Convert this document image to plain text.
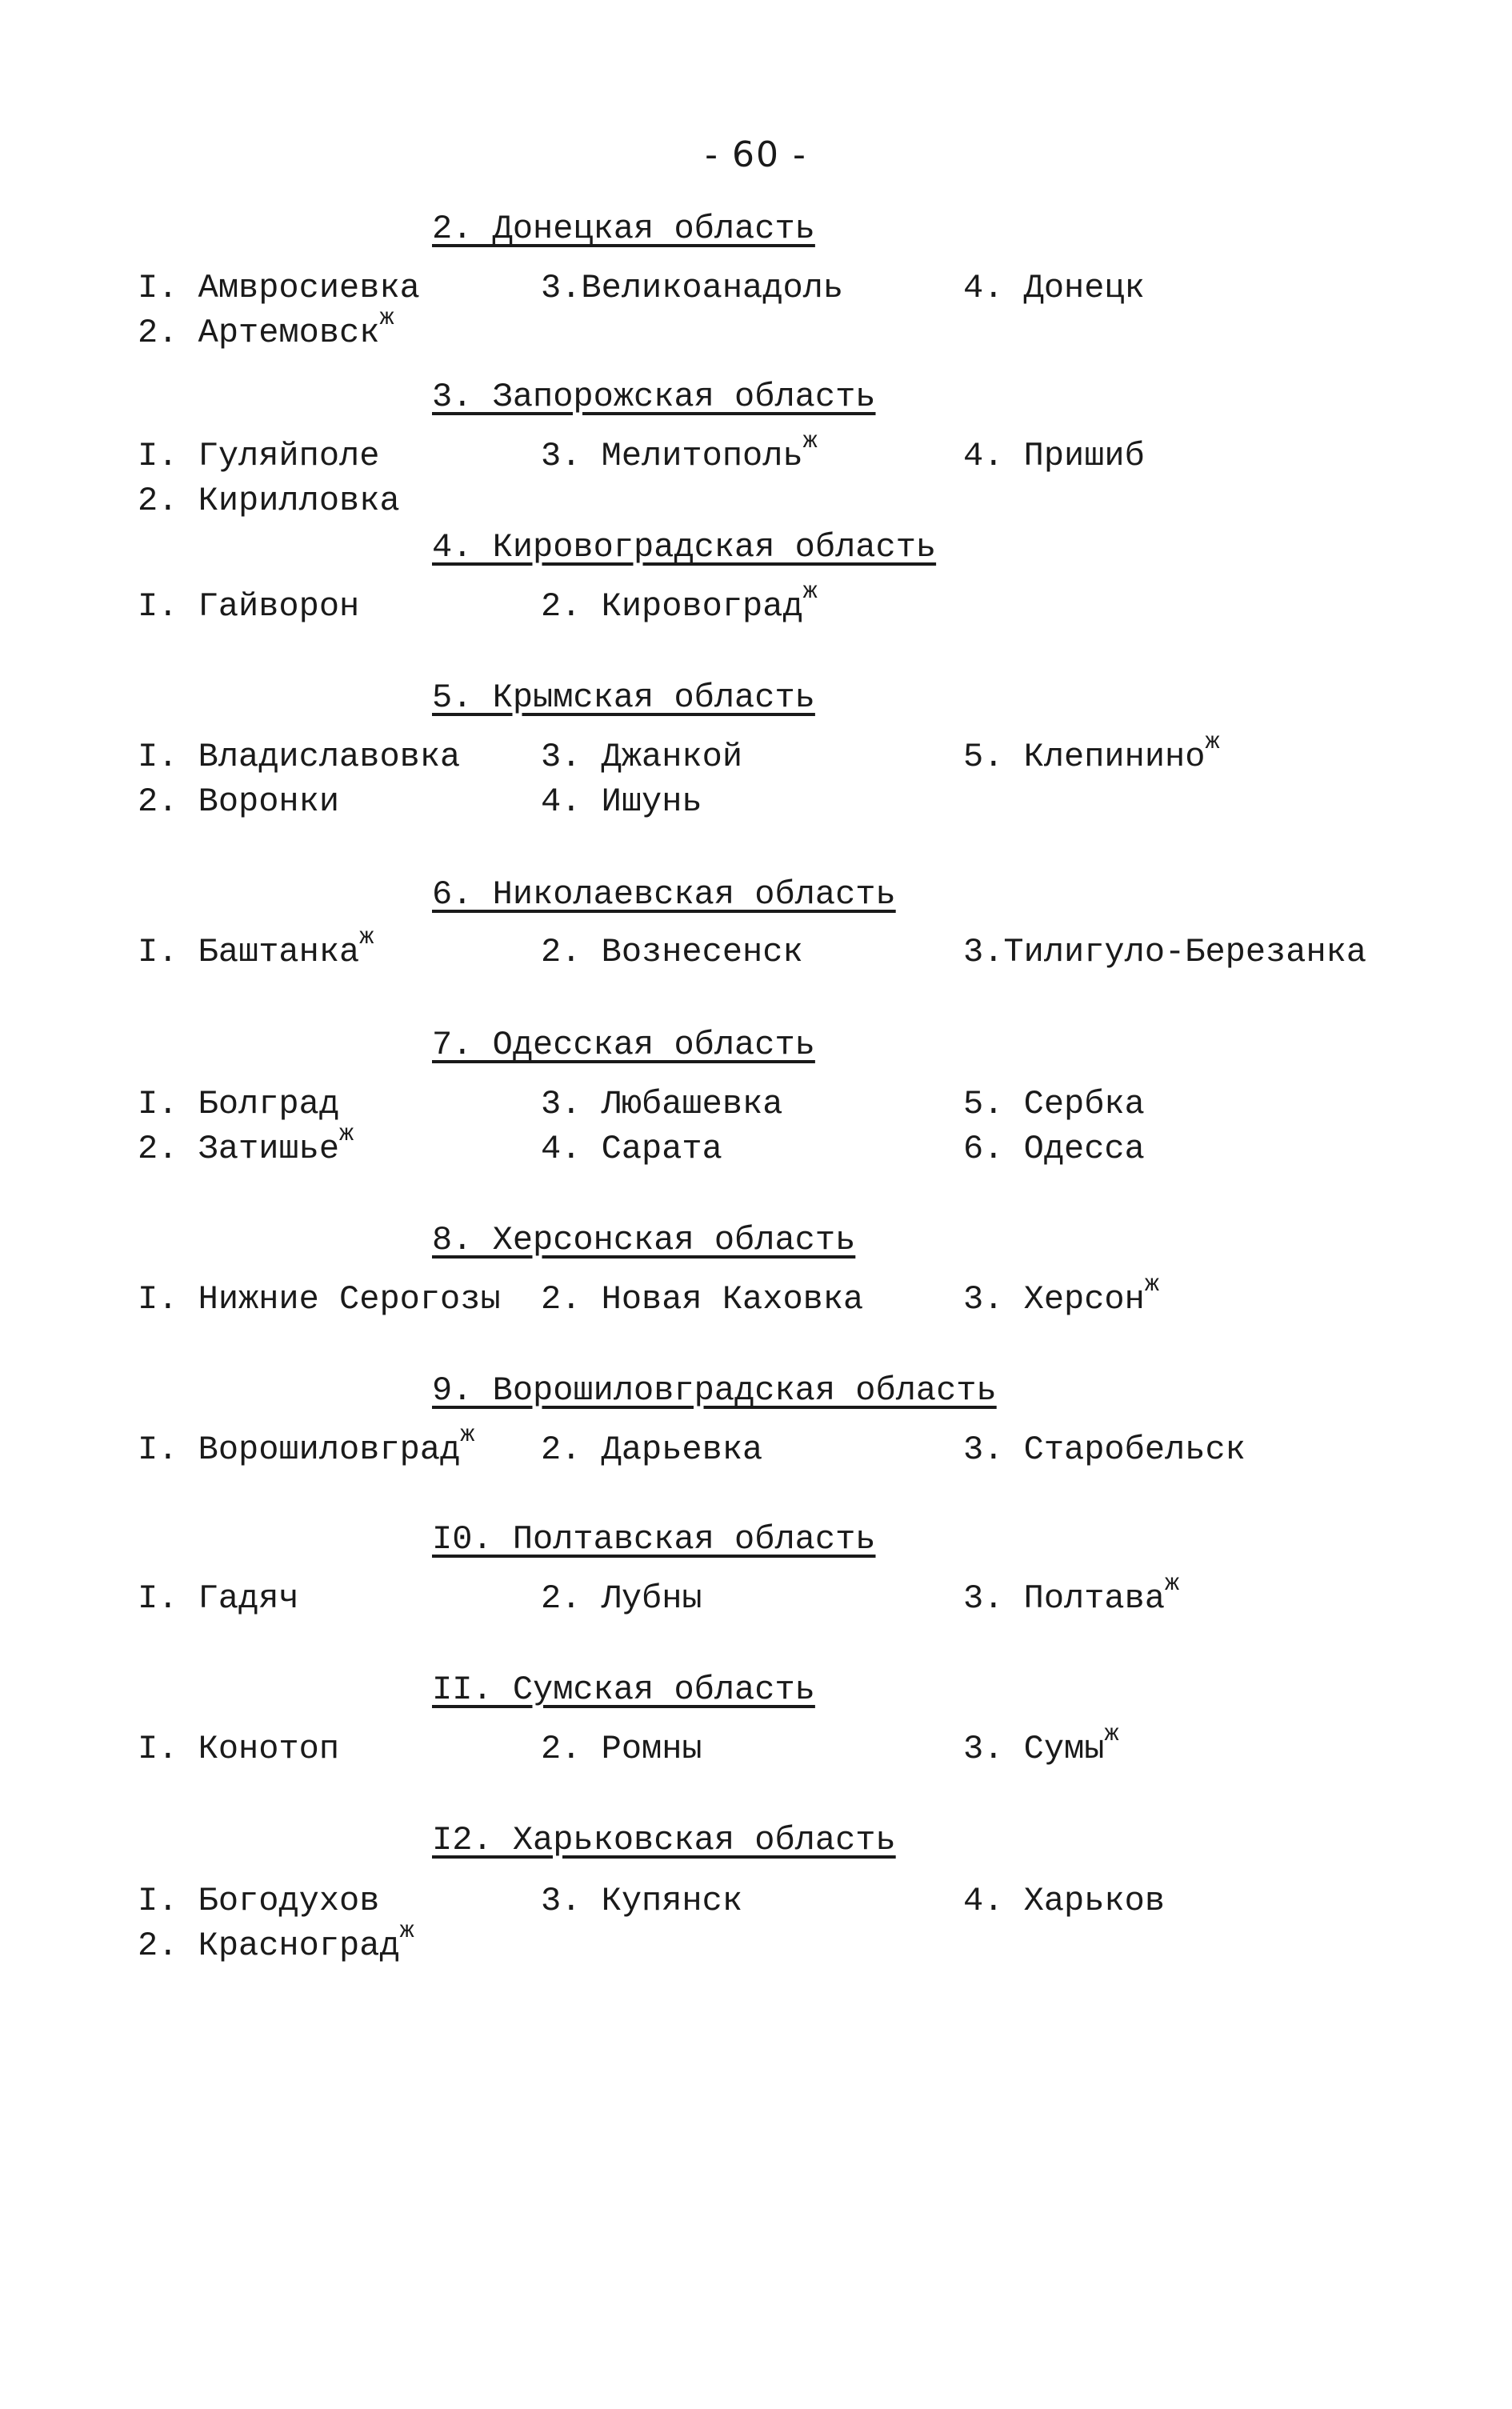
- 60 -
2. Донецкая область
I. Амвросиевка	3.Великоанадоль	4. Донецк
2. Артемовск$^ж$
3. Запорожская область
I. Гуляйполе	3. Мелитополь$^ж$	4. Пришиб
2. Кирилловка
4. Кировоградская область
I. Гайворон	2. Кировоград$^ж$
5. Крымская область
I. Владиславовка 3. Джанкой	5. Клепинино$^ж$
2. Воронки	4. Ишунь
6. Николаевская область
I. Баштанка$^ж$	2. Вознесенск	3.Тилигуло-Березанка
7. Одесская область
I. Болград	3. Любашевка	5. Сербка
2. Затишье$^ж$	4. Сарата	6. Одесса
8. Херсонская область
I. Нижние Серогозы 2. Новая Каховка	3. Херсон$^ж$
9. Ворошиловградская область
I. Ворошиловград$^ж$ 2. Дарьевка	3. Старобельск
I0. Полтавская область
I. Гадяч	2. Лубны	3. Полтава$^ж$
II. Сумская область
I. Конотоп	2. Ромны	3. Сумы$^ж$
I2. Харьковская область
I. Богодухов	3. Купянск	4. Харьков
2. Красноград$^ж$
